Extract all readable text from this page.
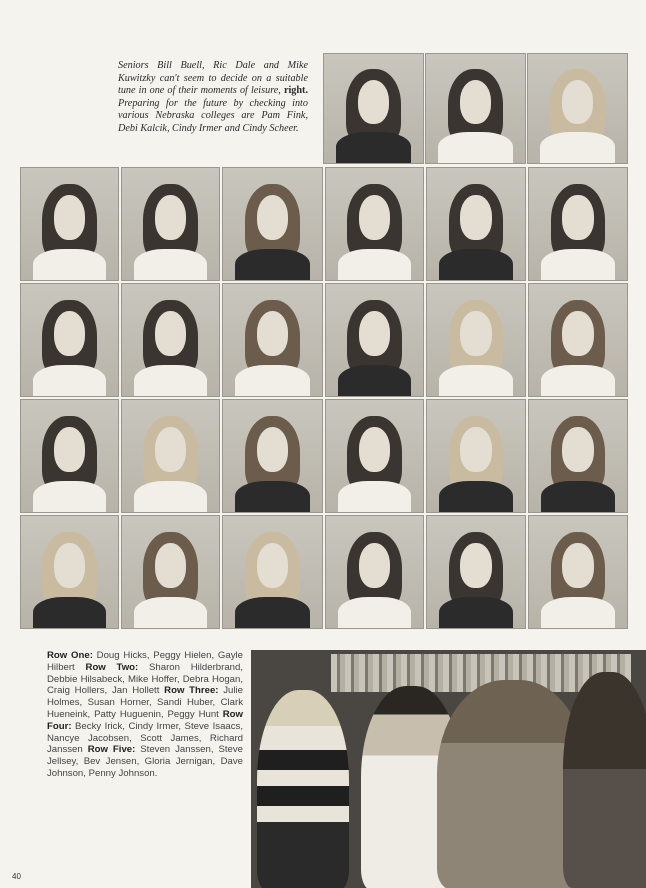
Seniors Bill Buell, Ric Dale and Mike Kuwitzky can't seem to decide on a suitable tune in one of their moments of leisure, right. Preparing for the future by checking into various Nebraska colleges are Pam Fink, Debi Kalcik, Cindy Irmer and Cindy Scheer.
Row One: Doug Hicks, Peggy Hielen, Gayle Hilbert Row Two: Sharon Hilderbrand, Debbie Hilsabeck, Mike Hoffer, Debra Hogan, Craig Hollers, Jan Hollett Row Three: Julie Holmes, Susan Horner, Sandi Huber, Clark Hueneink, Patty Huguenin, Peggy Hunt Row Four: Becky Irick, Cindy Irmer, Steve Isaacs, Nancye Jacobsen, Scott James, Richard Janssen Row Five: Steven Janssen, Steve Jellsey, Bev Jensen, Gloria Jernigan, Dave Johnson, Penny Johnson.
40
